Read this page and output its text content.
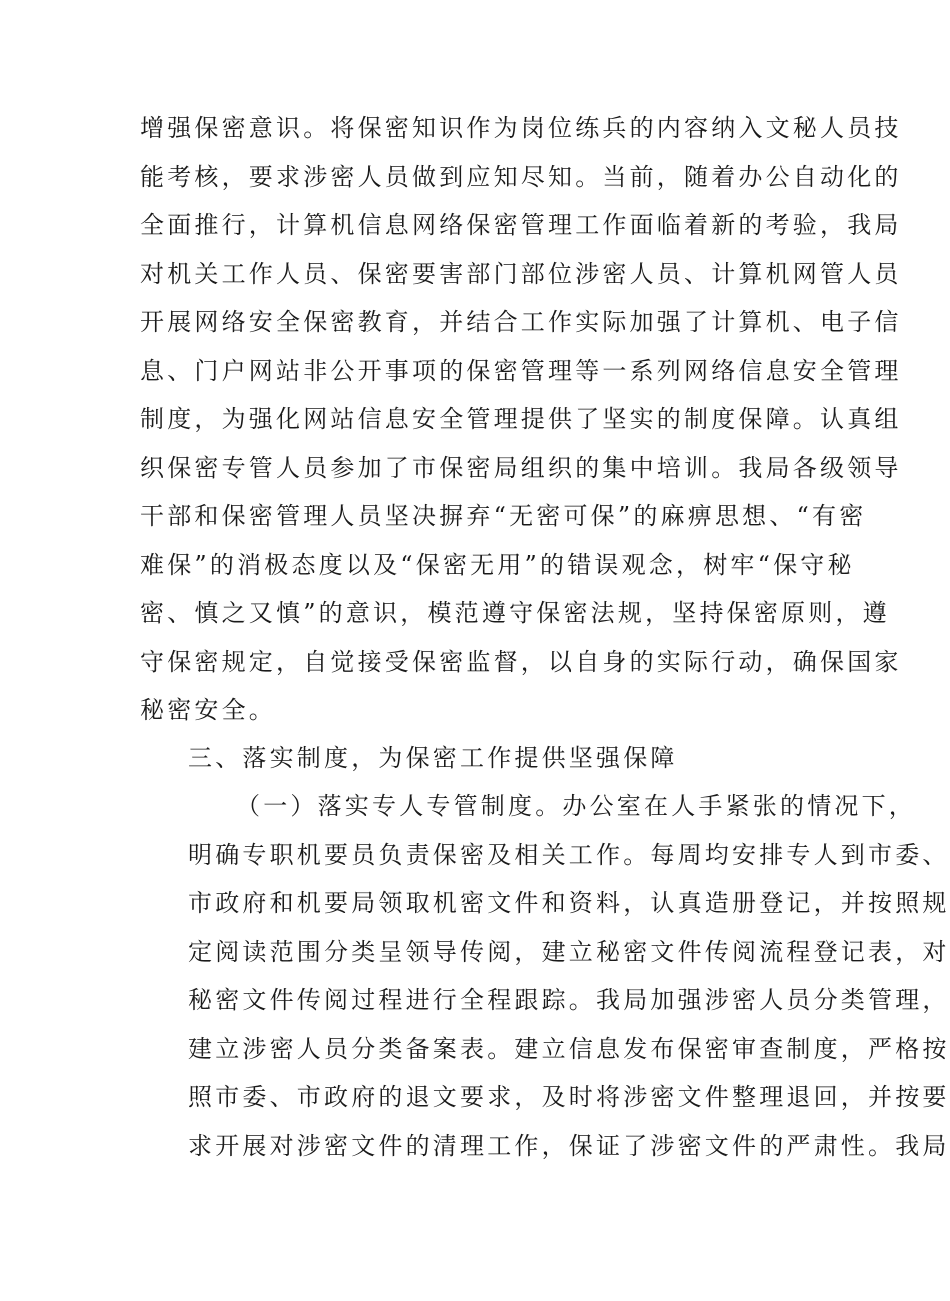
增强保密意识。将保密知识作为岗位练兵的内容纳入文秘人员技
能考核，要求涉密人员做到应知尽知。当前，随着办公自动化的
全面推行，计算机信息网络保密管理工作面临着新的考验，我局
对机关工作人员、保密要害部门部位涉密人员、计算机网管人员
开展网络安全保密教育，并结合工作实际加强了计算机、电子信
息、门户网站非公开事项的保密管理等一系列网络信息安全管理
制度，为强化网站信息安全管理提供了坚实的制度保障。认真组
织保密专管人员参加了市保密局组织的集中培训。我局各级领导
干部和保密管理人员坚决摒弃“无密可保”的麻痹思想、“有密
难保”的消极态度以及“保密无用”的错误观念，树牢“保守秘
密、慎之又慎”的意识，模范遵守保密法规，坚持保密原则，遵
守保密规定，自觉接受保密监督，以自身的实际行动，确保国家
秘密安全。
三、落实制度，为保密工作提供坚强保障
（一）落实专人专管制度。办公室在人手紧张的情况下，
明确专职机要员负责保密及相关工作。每周均安排专人到市委、
市政府和机要局领取机密文件和资料，认真造册登记，并按照规
定阅读范围分类呈领导传阅，建立秘密文件传阅流程登记表，对
秘密文件传阅过程进行全程跟踪。我局加强涉密人员分类管理，
建立涉密人员分类备案表。建立信息发布保密审查制度，严格按
照市委、市政府的退文要求，及时将涉密文件整理退回，并按要
求开展对涉密文件的清理工作，保证了涉密文件的严肃性。我局
